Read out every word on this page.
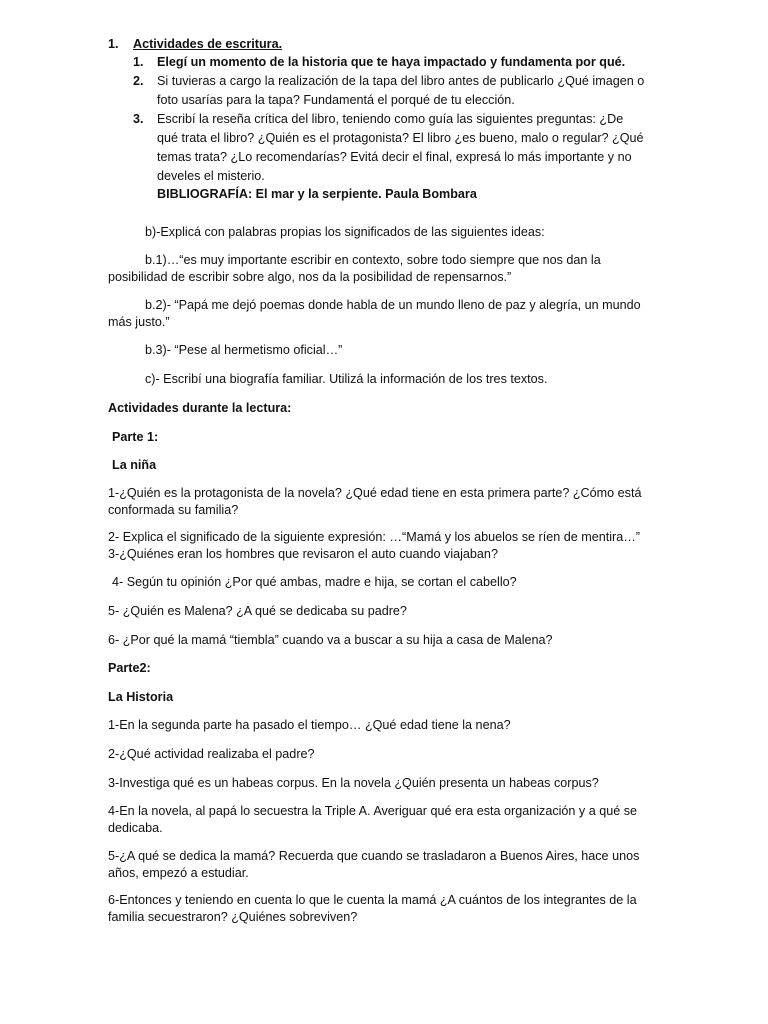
1. Actividades de escritura.
1. Elegí un momento de la historia que te haya impactado y fundamenta por qué.
2. Si tuvieras a cargo la realización de la tapa del libro antes de publicarlo ¿Qué imagen o
foto usarías para la tapa? Fundamentá el porqué de tu elección.
3. Escribí la reseña crítica del libro, teniendo como guía las siguientes preguntas: ¿De
qué trata el libro? ¿Quién es el protagonista? El libro ¿es bueno, malo o regular? ¿Qué
temas trata? ¿Lo recomendarías? Evitá decir el final, expresá lo más importante y no
develes el misterio.
BIBLIOGRAFÍA: El mar y la serpiente. Paula Bombara
b)-Explicá con palabras propias los significados de las siguientes ideas:
b.1)…“es muy importante escribir en contexto, sobre todo siempre que nos dan la
posibilidad de escribir sobre algo, nos da la posibilidad de repensarnos.”
b.2)- “Papá me dejó poemas donde habla de un mundo lleno de paz y alegría, un mundo
más justo.”
b.3)- “Pese al hermetismo oficial…”
c)- Escribí una biografía familiar. Utilizá la información de los tres textos.
Actividades durante la lectura:
Parte 1:
La niña
1-¿Quién es la protagonista de la novela? ¿Qué edad tiene en esta primera parte? ¿Cómo está
conformada su familia?
2- Explica el significado de la siguiente expresión: …“Mamá y los abuelos se ríen de mentira…”
3-¿Quiénes eran los hombres que revisaron el auto cuando viajaban?
4- Según tu opinión ¿Por qué ambas, madre e hija, se cortan el cabello?
5- ¿Quién es Malena? ¿A qué se dedicaba su padre?
6- ¿Por qué la mamá “tiembla” cuando va a buscar a su hija a casa de Malena?
Parte2:
La Historia
1-En la segunda parte ha pasado el tiempo… ¿Qué edad tiene la nena?
2-¿Qué actividad realizaba el padre?
3-Investiga qué es un habeas corpus. En la novela ¿Quién presenta un habeas corpus?
4-En la novela, al papá lo secuestra la Triple A. Averiguar qué era esta organización y a qué se
dedicaba.
5-¿A qué se dedica la mamá? Recuerda que cuando se trasladaron a Buenos Aires, hace unos
años, empezó a estudiar.
6-Entonces y teniendo en cuenta lo que le cuenta la mamá ¿A cuántos de los integrantes de la
familia secuestraron? ¿Quiénes sobreviven?
